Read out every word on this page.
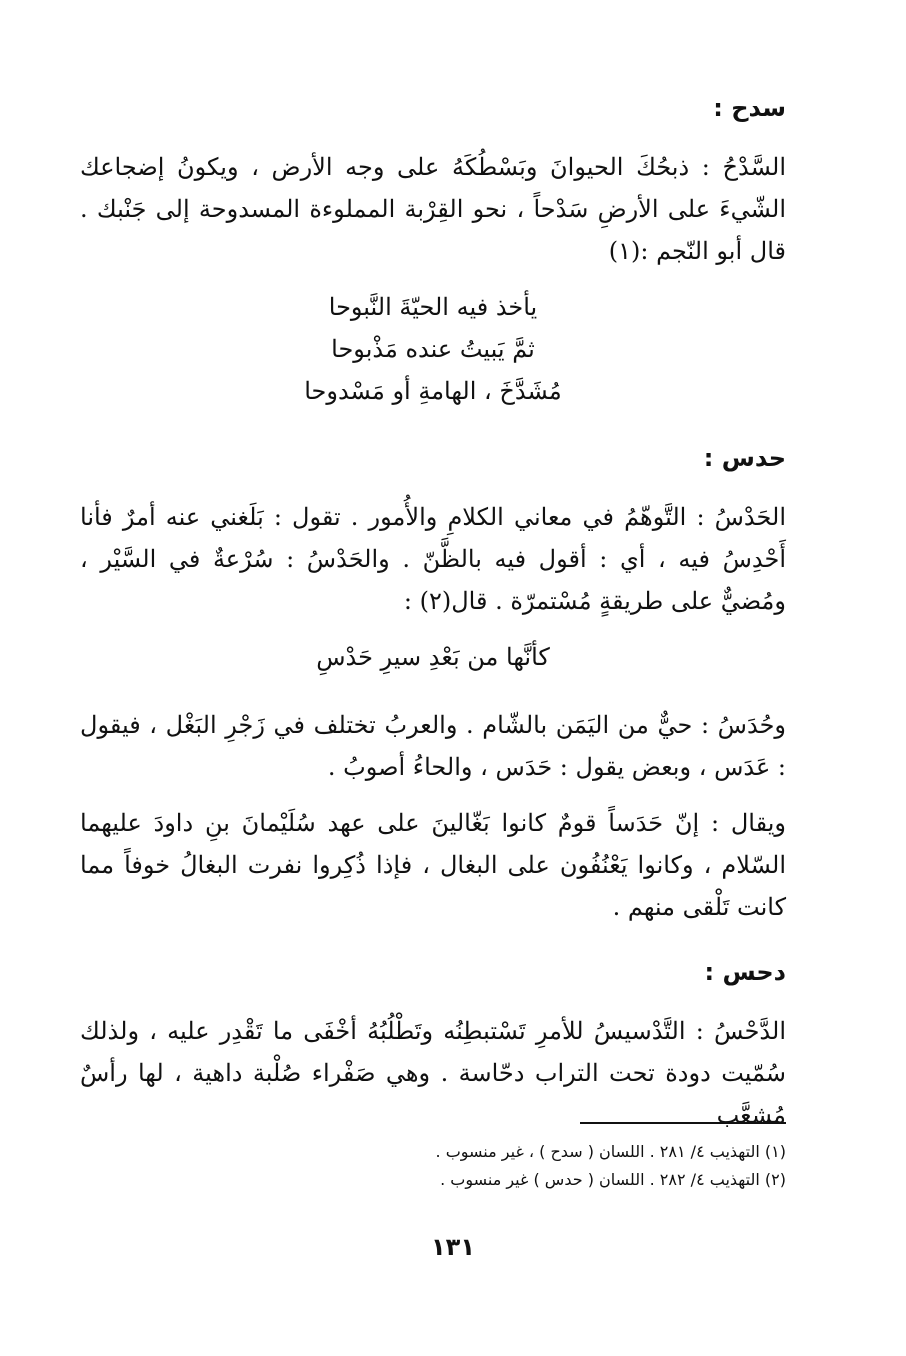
سدح :

السَّدْحُ : ذبحُكَ الحيوانَ وبَسْطُكَهُ على وجه الأرض ، ويكونُ إضجاعك الشّيءَ على الأرضِ سَدْحاً ، نحو القِرْبة المملوءة المسدوحة إلى جَنْبك . قال أبو النّجم :(١)

يأخذ فيه الحيّةَ النَّبوحا

ثمَّ يَبيتُ عنده مَذْبوحا

مُشَدَّخَ ، الهامةِ أو مَسْدوحا

حدس :

الحَدْسُ : التَّوهّمُ في معاني الكلامِ والأُمور . تقول : بَلَغني عنه أمرٌ فأنا أَحْدِسُ فيه ، أي : أقول فيه بالظَّنّ . والحَدْسُ : سُرْعةٌ في السَّيْر ، ومُضيٌّ على طريقةٍ مُسْتمرّة . قال(٢) :

كأنَّها من بَعْدِ سيرِ حَدْسِ

وحُدَسُ : حيٌّ من اليَمَن بالشّام . والعربُ تختلف في زَجْرِ البَغْل ، فيقول : عَدَس ، وبعض يقول : حَدَس ، والحاءُ أصوبُ .

ويقال : إنّ حَدَساً قومٌ كانوا بَغّالينَ على عهد سُلَيْمانَ بنِ داودَ عليهما السّلام ، وكانوا يَعْنُفُون على البغال ، فإذا ذُكِروا نفرت البغالُ خوفاً مما كانت تَلْقى منهم .

دحس :

الدَّحْسُ : التَّدْسيسُ للأمرِ تَسْتبطِنُه وتَطْلُبُهُ أخْفَى ما تَقْدِر عليه ، ولذلك سُمّيت دودة تحت التراب دحّاسة . وهي صَفْراء صُلْبة داهية ، لها رأسٌ مُشعَّب

(١) التهذيب ٤/ ٢٨١ . اللسان ( سدح ) ، غير منسوب .

(٢) التهذيب ٤/ ٢٨٢ . اللسان ( حدس ) غير منسوب .

١٣١
